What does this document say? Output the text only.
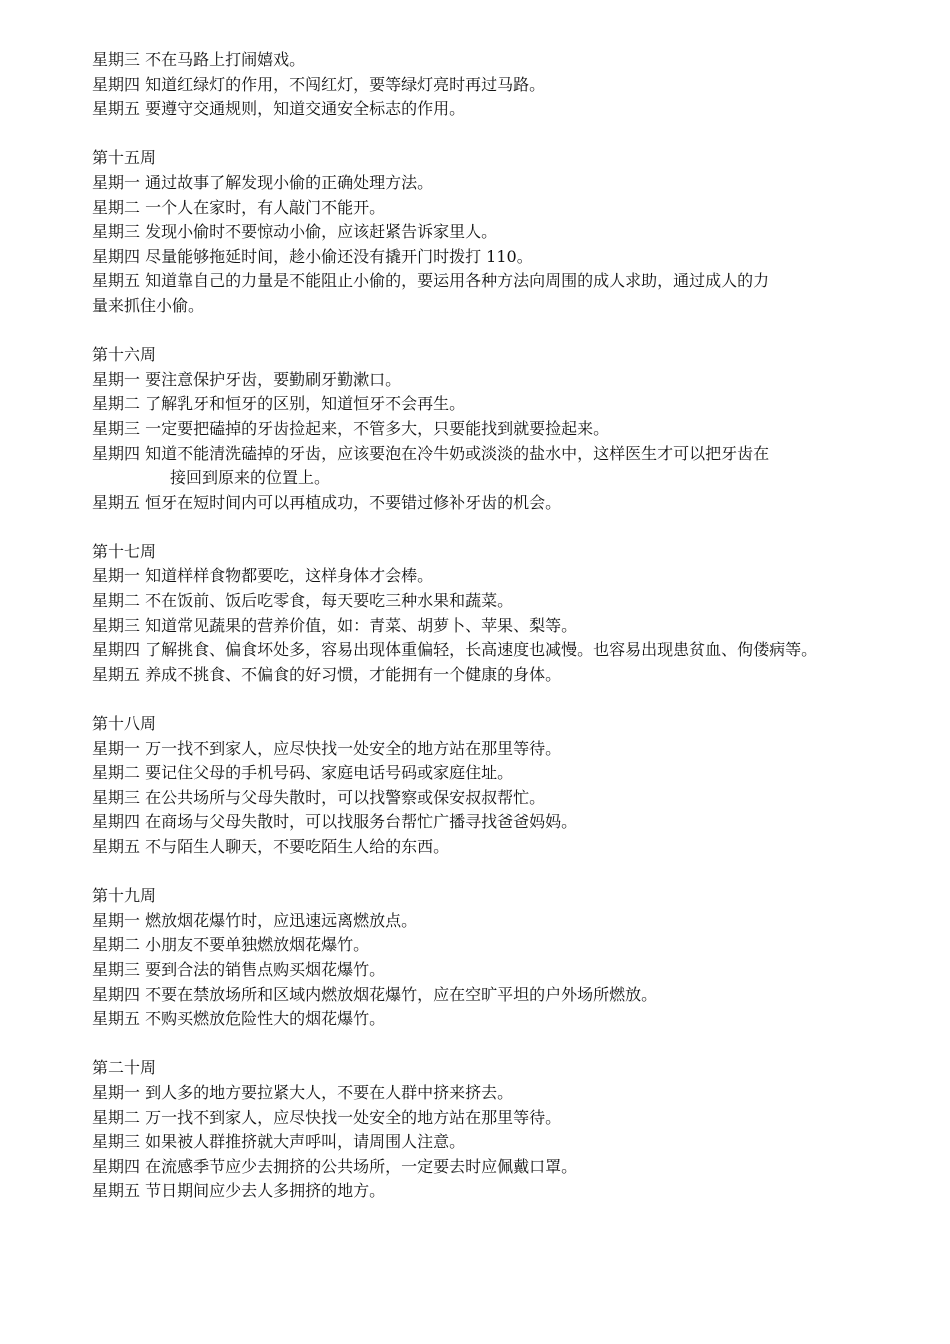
星期三 不在马路上打闹嬉戏。
星期四 知道红绿灯的作用，不闯红灯，要等绿灯亮时再过马路。
星期五 要遵守交通规则，知道交通安全标志的作用。
第十五周
星期一 通过故事了解发现小偷的正确处理方法。
星期二 一个人在家时，有人敲门不能开。
星期三 发现小偷时不要惊动小偷，应该赶紧告诉家里人。
星期四 尽量能够拖延时间，趁小偷还没有撬开门时拨打 110。
星期五 知道靠自己的力量是不能阻止小偷的，要运用各种方法向周围的成人求助，通过成人的力
量来抓住小偷。
第十六周
星期一 要注意保护牙齿，要勤刷牙勤漱口。
星期二 了解乳牙和恒牙的区别，知道恒牙不会再生。
星期三 一定要把磕掉的牙齿捡起来，不管多大，只要能找到就要捡起来。
星期四 知道不能清洗磕掉的牙齿，应该要泡在冷牛奶或淡淡的盐水中，这样医生才可以把牙齿在
接回到原来的位置上。
星期五 恒牙在短时间内可以再植成功，不要错过修补牙齿的机会。
第十七周
星期一 知道样样食物都要吃，这样身体才会棒。
星期二 不在饭前、饭后吃零食，每天要吃三种水果和蔬菜。
星期三 知道常见蔬果的营养价值，如：青菜、胡萝卜、苹果、梨等。
星期四 了解挑食、偏食坏处多，容易出现体重偏轻，长高速度也减慢。也容易出现患贫血、佝偻病等。
星期五 养成不挑食、不偏食的好习惯，才能拥有一个健康的身体。
第十八周
星期一 万一找不到家人，应尽快找一处安全的地方站在那里等待。
星期二 要记住父母的手机号码、家庭电话号码或家庭住址。
星期三 在公共场所与父母失散时，可以找警察或保安叔叔帮忙。
星期四 在商场与父母失散时，可以找服务台帮忙广播寻找爸爸妈妈。
星期五 不与陌生人聊天，不要吃陌生人给的东西。
第十九周
星期一 燃放烟花爆竹时，应迅速远离燃放点。
星期二 小朋友不要单独燃放烟花爆竹。
星期三 要到合法的销售点购买烟花爆竹。
星期四 不要在禁放场所和区域内燃放烟花爆竹，应在空旷平坦的户外场所燃放。
星期五 不购买燃放危险性大的烟花爆竹。
第二十周
星期一 到人多的地方要拉紧大人，不要在人群中挤来挤去。
星期二 万一找不到家人，应尽快找一处安全的地方站在那里等待。
星期三 如果被人群推挤就大声呼叫，请周围人注意。
星期四 在流感季节应少去拥挤的公共场所，一定要去时应佩戴口罩。
星期五 节日期间应少去人多拥挤的地方。
